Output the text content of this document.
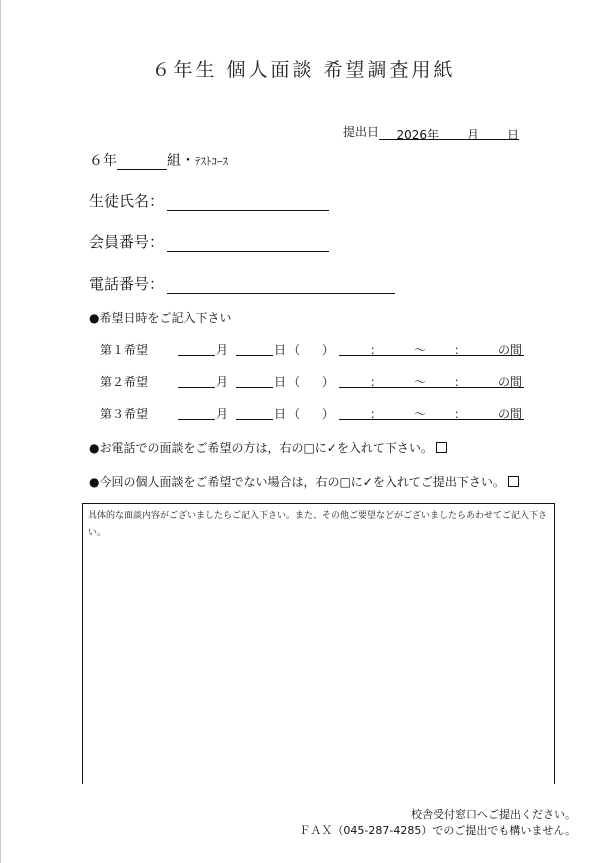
６年生 個人面談 希望調査用紙
提出日 2026年 月 日
６年	組・ﾃｽﾄｺｰｽ
生徒氏名：
会員番号：
電話番号：
●希望日時をご記入下さい
第１希望	月	日 （ ）	：	～ ：	の間
第２希望	月	日 （ ）	：	～ ：	の間
第３希望	月	日 （ ）	：	～ ：	の間
●お電話での面談をご希望の方は，右の□に✓を入れて下さい。
●今回の個人面談をご希望でない場合は，右の□に✓を入れてご提出下さい。
具体的な面談内容がございましたらご記入下さい。また、その他ご要望などがございましたらあわせてご記入下さい。
校舎受付窓口へご提出ください。
ＦＡＸ（045-287-4285）でのご提出でも構いません。
